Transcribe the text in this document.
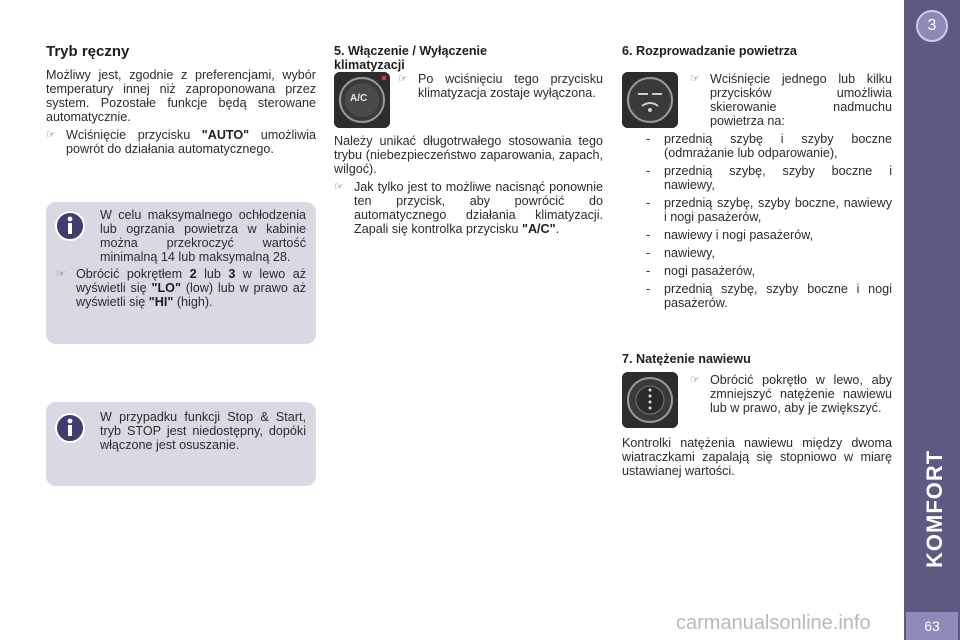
Tryb ręczny

Możliwy jest, zgodnie z preferencjami, wybór temperatury innej niż zaproponowana przez system. Pozostałe funkcje będą sterowane automatycznie.

☞ Wciśnięcie przycisku "AUTO" umożliwia powrót do działania automatycznego.

W celu maksymalnego ochłodzenia lub ogrzania powietrza w kabinie można przekroczyć wartość minimalną 14 lub maksymalną 28.

☞ Obrócić pokrętłem 2 lub 3 w lewo aż wyświetli się "LO" (low) lub w prawo aż wyświetli się "HI" (high).

W przypadku funkcji Stop & Start, tryb STOP jest niedostępny, dopóki włączone jest osuszanie.

5. Włączenie / Wyłączenie klimatyzacji
A/C
☞ Po wciśnięciu tego przycisku klimatyzacja zostaje wyłączona.

Należy unikać długotrwałego stosowania tego trybu (niebezpieczeństwo zaparowania, zapach, wilgoć).

☞ Jak tylko jest to możliwe nacisnąć ponownie ten przycisk, aby powrócić do automatycznego działania klimatyzacji. Zapali się kontrolka przycisku "A/C".
6. Rozprowadzanie powietrza
☞ Wciśnięcie jednego lub kilku przycisków umożliwia skierowanie nadmuchu powietrza na:
-	przednią szybę i szyby boczne (odmrażanie lub odparowanie),
-	przednią szybę, szyby boczne i nawiewy,
-	przednią szybę, szyby boczne, nawiewy i nogi pasażerów,
-	nawiewy i nogi pasażerów,
-	nawiewy,
-	nogi pasażerów,
-	przednią szybę, szyby boczne i nogi pasażerów.
7. Natężenie nawiewu
☞ Obrócić pokrętło w lewo, aby zmniejszyć natężenie nawiewu lub w prawo, aby je zwiększyć.

Kontrolki natężenia nawiewu między dwoma wiatraczkami zapalają się stopniowo w miarę ustawianej wartości.

3
KOMFORT
63
carmanualsonline.info
